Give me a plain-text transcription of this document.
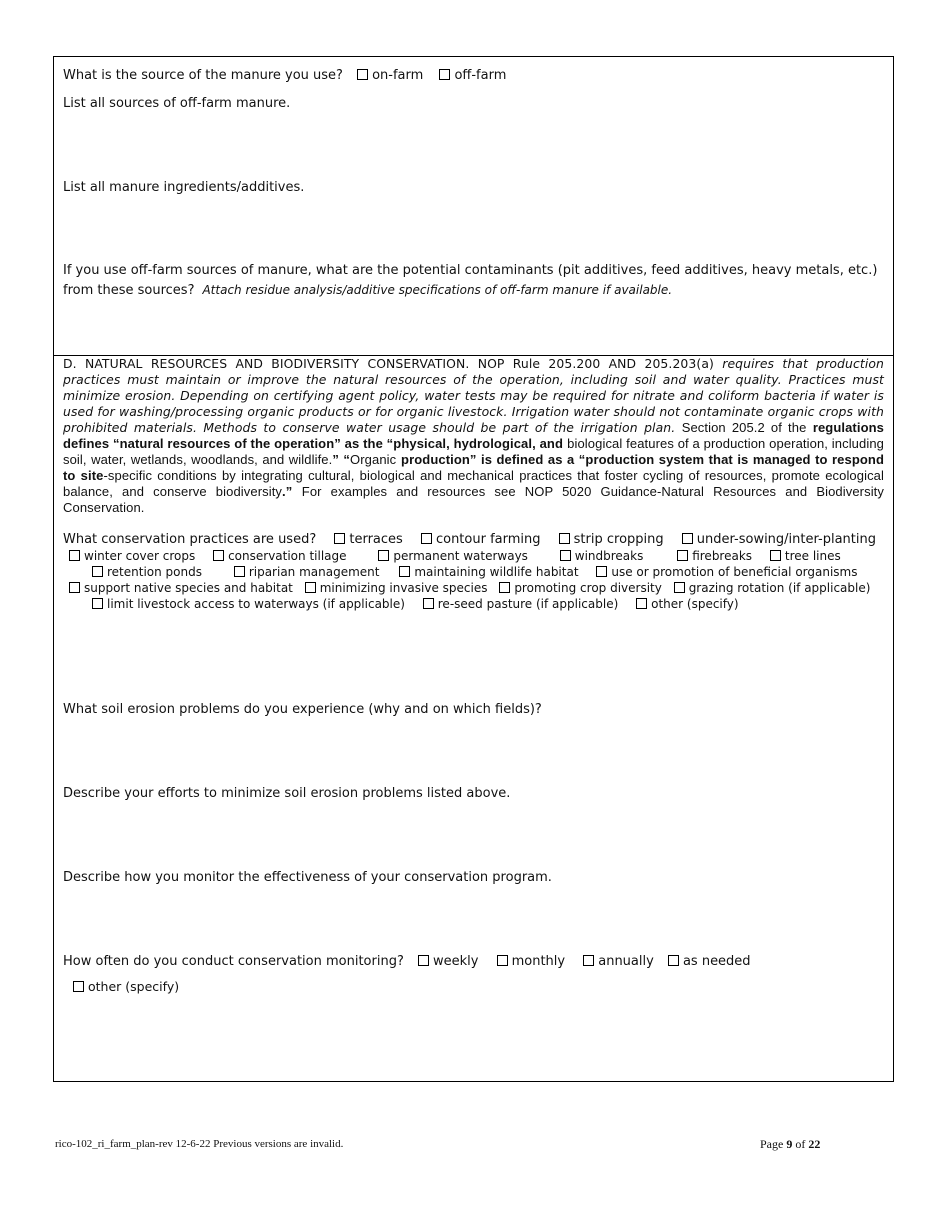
What is the source of the manure you use? on-farm off-farm
List all sources of off-farm manure.
List all manure ingredients/additives.
If you use off-farm sources of manure, what are the potential contaminants (pit additives, feed additives, heavy metals, etc.)
from these sources? Attach residue analysis/additive specifications of off-farm manure if available.
D. NATURAL RESOURCES AND BIODIVERSITY CONSERVATION. NOP Rule 205.200 AND 205.203(a) requires that production practices must maintain or improve the natural resources of the operation, including soil and water quality. Practices must minimize erosion. Depending on certifying agent policy, water tests may be required for nitrate and coliform bacteria if water is used for washing/processing organic products or for organic livestock. Irrigation water should not contaminate organic crops with prohibited materials. Methods to conserve water usage should be part of the irrigation plan. Section 205.2 of the regulations defines “natural resources of the operation” as the “physical, hydrological, and biological features of a production operation, including soil, water, wetlands, woodlands, and wildlife.” “Organic production” is defined as a “production system that is managed to respond to site-specific conditions by integrating cultural, biological and mechanical practices that foster cycling of resources, promote ecological balance, and conserve biodiversity.” For examples and resources see NOP 5020 Guidance-Natural Resources and Biodiversity Conservation.
What conservation practices are used?	terraces	contour farming	strip cropping	under-sowing/inter-planting
winter cover crops	conservation tillage	permanent waterways	windbreaks	firebreaks	tree lines
retention ponds	riparian management	maintaining wildlife habitat	use or promotion of beneficial organisms
support native species and habitat minimizing invasive species promoting crop diversity grazing rotation (if applicable)
limit livestock access to waterways (if applicable)	re-seed pasture (if applicable)	other (specify)
What soil erosion problems do you experience (why and on which fields)?
Describe your efforts to minimize soil erosion problems listed above.
Describe how you monitor the effectiveness of your conservation program.
How often do you conduct conservation monitoring? weekly	monthly	annually as needed
other (specify)
rico-102_ri_farm_plan-rev 12-6-22 Previous versions are invalid.	Page 9 of 22
